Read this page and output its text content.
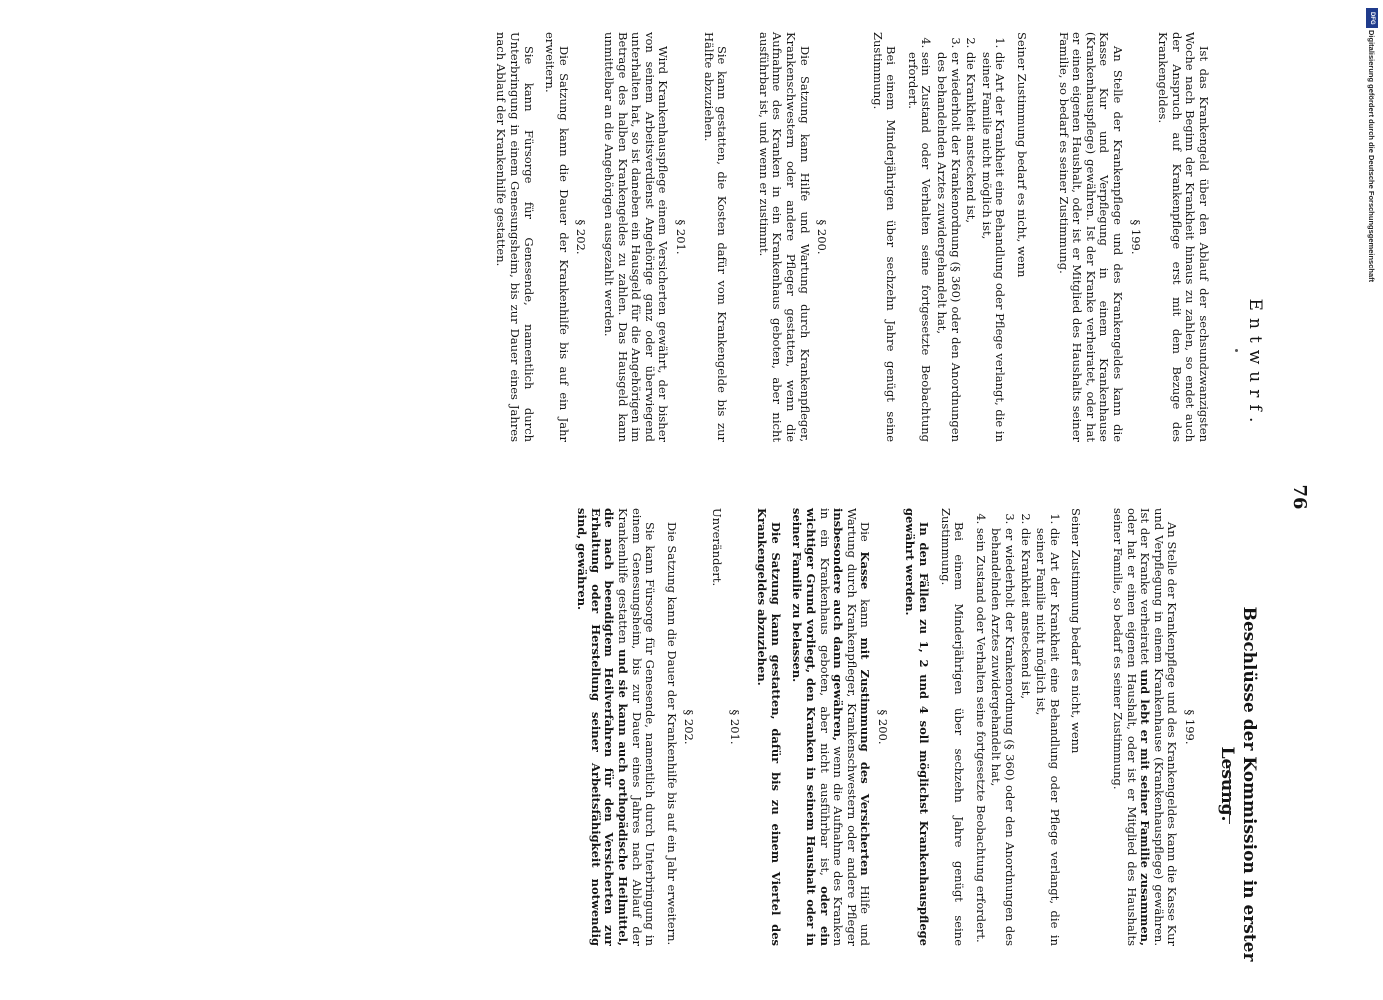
DFG
Digitalisierung gefördert durch die Deutsche Forschungsgemeinschaft
76
Entwurf.
Beschlüsse der Kommission in erster Lesung.

Ist das Krankengeld über den Ablauf der sechsundzwanzigsten Woche nach Beginn der Krankheit hinaus zu zahlen, so endet auch der Anspruch auf Krankenpflege erst mit dem Bezuge des Krankengeldes.

§ 199.

An Stelle der Krankenpflege und des Krankengeldes kann die Kasse Kur und Verpflegung in einem Krankenhause (Krankenhauspflege) gewähren. Ist der Kranke verheiratet, oder hat er einen eigenen Haushalt, oder ist er Mitglied des Haushalts seiner Familie, so bedarf es seiner Zustimmung.

Seiner Zustimmung bedarf es nicht, wenn

1. die Art der Krankheit eine Behandlung oder Pflege verlangt, die in seiner Familie nicht möglich ist,
2. die Krankheit ansteckend ist,
3. er wiederholt der Krankenordnung (§ 360) oder den Anordnungen des behandelnden Arztes zuwidergehandelt hat,
4. sein Zustand oder Verhalten seine fortgesetzte Beobachtung erfordert.

Bei einem Minderjährigen über sechzehn Jahre genügt seine Zustimmung.

§ 200.

Die Satzung kann Hilfe und Wartung durch Krankenpfleger, Krankenschwestern oder andere Pfleger gestatten, wenn die Aufnahme des Kranken in ein Krankenhaus geboten, aber nicht ausführbar ist, und wenn er zustimmt.

Sie kann gestatten, die Kosten dafür vom Krankengelde bis zur Hälfte abzuziehen.

§ 201.

Wird Krankenhauspflege einem Versicherten gewährt, der bisher von seinem Arbeitsverdienst Angehörige ganz oder überwiegend unterhalten hat, so ist daneben ein Hausgeld für die Angehörigen im Betrage des halben Krankengeldes zu zahlen. Das Hausgeld kann unmittelbar an die Angehörigen ausgezahlt werden.

§ 202.

Die Satzung kann die Dauer der Krankenhilfe bis auf ein Jahr erweitern.

Sie kann Fürsorge für Genesende, namentlich durch Unterbringung in einem Genesungsheim, bis zur Dauer eines Jahres nach Ablauf der Krankenhilfe gestatten.

§ 199.

An Stelle der Krankenpflege und des Krankengeldes kann die Kasse Kur und Verpflegung in einem Krankenhause (Krankenhauspflege) gewähren. Ist der Kranke verheiratet und lebt er mit seiner Familie zusammen, oder hat er einen eigenen Haushalt, oder ist er Mitglied des Haushalts seiner Familie, so bedarf es seiner Zustimmung.

Seiner Zustimmung bedarf es nicht, wenn

1. die Art der Krankheit eine Behandlung oder Pflege verlangt, die in seiner Familie nicht möglich ist,
2. die Krankheit ansteckend ist,
3. er wiederholt der Krankenordnung (§ 360) oder den Anordnungen des behandelnden Arztes zuwidergehandelt hat,
4. sein Zustand oder Verhalten seine fortgesetzte Beobachtung erfordert.

Bei einem Minderjährigen über sechzehn Jahre genügt seine Zustimmung.

In den Fällen zu 1, 2 und 4 soll möglichst Krankenhauspflege gewährt werden.

§ 200.

Die Kasse kann mit Zustimmung des Versicherten Hilfe und Wartung durch Krankenpfleger, Krankenschwestern oder andere Pfleger insbesondere auch dann gewähren, wenn die Aufnahme des Kranken in ein Krankenhaus geboten, aber nicht ausführbar ist, oder ein wichtiger Grund vorliegt, den Kranken in seinem Haushalt oder in seiner Familie zu belassen.

Die Satzung kann gestatten, dafür bis zu einem Viertel des Krankengeldes abzuziehen.

§ 201.

Unverändert.

§ 202.

Die Satzung kann die Dauer der Krankenhilfe bis auf ein Jahr erweitern.

Sie kann Fürsorge für Genesende, namentlich durch Unterbringung in einem Genesungsheim, bis zur Dauer eines Jahres nach Ablauf der Krankenhilfe gestatten und sie kann auch orthopädische Heilmittel, die nach beendigtem Heilverfahren für den Versicherten zur Erhaltung oder Herstellung seiner Arbeitsfähigkeit notwendig sind, gewähren.
